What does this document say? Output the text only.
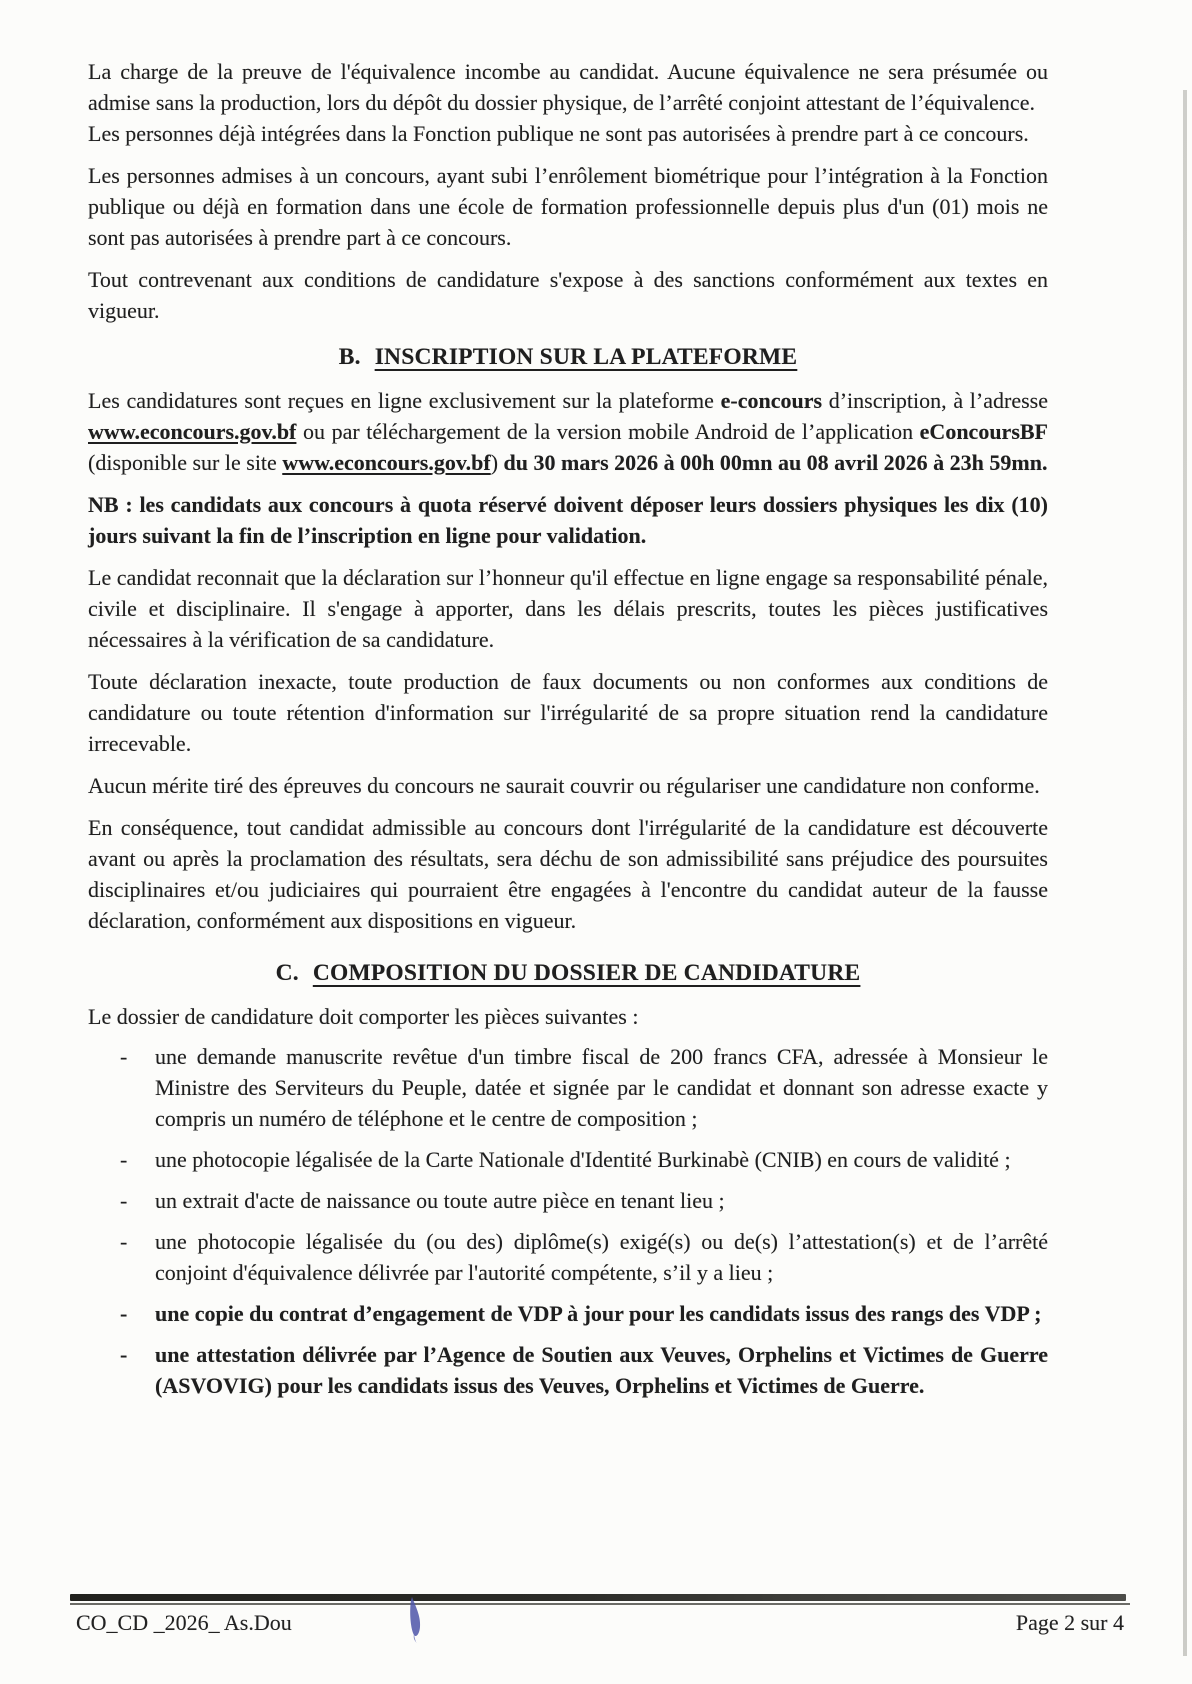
La charge de la preuve de l'équivalence incombe au candidat. Aucune équivalence ne sera présumée ou admise sans la production, lors du dépôt du dossier physique, de l’arrêté conjoint attestant de l’équivalence.

Les personnes déjà intégrées dans la Fonction publique ne sont pas autorisées à prendre part à ce concours.

Les personnes admises à un concours, ayant subi l’enrôlement biométrique pour l’intégration à la Fonction publique ou déjà en formation dans une école de formation professionnelle depuis plus d'un (01) mois ne sont pas autorisées à prendre part à ce concours.

Tout contrevenant aux conditions de candidature s'expose à des sanctions conformément aux textes en vigueur.

B. INSCRIPTION SUR LA PLATEFORME

Les candidatures sont reçues en ligne exclusivement sur la plateforme e-concours d’inscription, à l’adresse www.econcours.gov.bf ou par téléchargement de la version mobile Android de l’application eConcoursBF (disponible sur le site www.econcours.gov.bf) du 30 mars 2026 à 00h 00mn au 08 avril 2026 à 23h 59mn.

NB : les candidats aux concours à quota réservé doivent déposer leurs dossiers physiques les dix (10) jours suivant la fin de l’inscription en ligne pour validation.

Le candidat reconnait que la déclaration sur l’honneur qu'il effectue en ligne engage sa responsabilité pénale, civile et disciplinaire. Il s'engage à apporter, dans les délais prescrits, toutes les pièces justificatives nécessaires à la vérification de sa candidature.

Toute déclaration inexacte, toute production de faux documents ou non conformes aux conditions de candidature ou toute rétention d'information sur l'irrégularité de sa propre situation rend la candidature irrecevable.

Aucun mérite tiré des épreuves du concours ne saurait couvrir ou régulariser une candidature non conforme.

En conséquence, tout candidat admissible au concours dont l'irrégularité de la candidature est découverte avant ou après la proclamation des résultats, sera déchu de son admissibilité sans préjudice des poursuites disciplinaires et/ou judiciaires qui pourraient être engagées à l'encontre du candidat auteur de la fausse déclaration, conformément aux dispositions en vigueur.

C. COMPOSITION DU DOSSIER DE CANDIDATURE

Le dossier de candidature doit comporter les pièces suivantes :

-	une demande manuscrite revêtue d'un timbre fiscal de 200 francs CFA, adressée à Monsieur le Ministre des Serviteurs du Peuple, datée et signée par le candidat et donnant son adresse exacte y compris un numéro de téléphone et le centre de composition ;
-	une photocopie légalisée de la Carte Nationale d'Identité Burkinabè (CNIB) en cours de validité ;
-	un extrait d'acte de naissance ou toute autre pièce en tenant lieu ;
-	une photocopie légalisée du (ou des) diplôme(s) exigé(s) ou de(s) l’attestation(s) et de l’arrêté conjoint d'équivalence délivrée par l'autorité compétente, s’il y a lieu ;
-	une copie du contrat d’engagement de VDP à jour pour les candidats issus des rangs des VDP ;
-	une attestation délivrée par l’Agence de Soutien aux Veuves, Orphelins et Victimes de Guerre (ASVOVIG) pour les candidats issus des Veuves, Orphelins et Victimes de Guerre.
CO_CD _2026_ As.Dou	Page 2 sur 4
